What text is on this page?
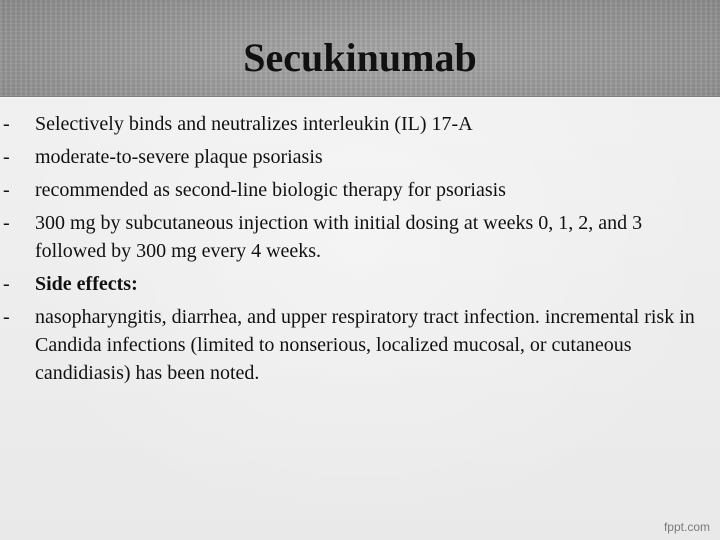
Secukinumab
-	Selectively binds and neutralizes interleukin (IL) 17-A
-	moderate-to-severe plaque psoriasis
-	recommended as second-line biologic therapy for psoriasis
-	300 mg by subcutaneous injection with initial dosing at weeks 0, 1, 2, and 3 followed by 300 mg every 4 weeks.
-	Side effects:
-	nasopharyngitis, diarrhea, and upper respiratory tract infection. incremental risk in Candida infections (limited to nonserious, localized mucosal, or cutaneous candidiasis) has been noted.
fppt.com
